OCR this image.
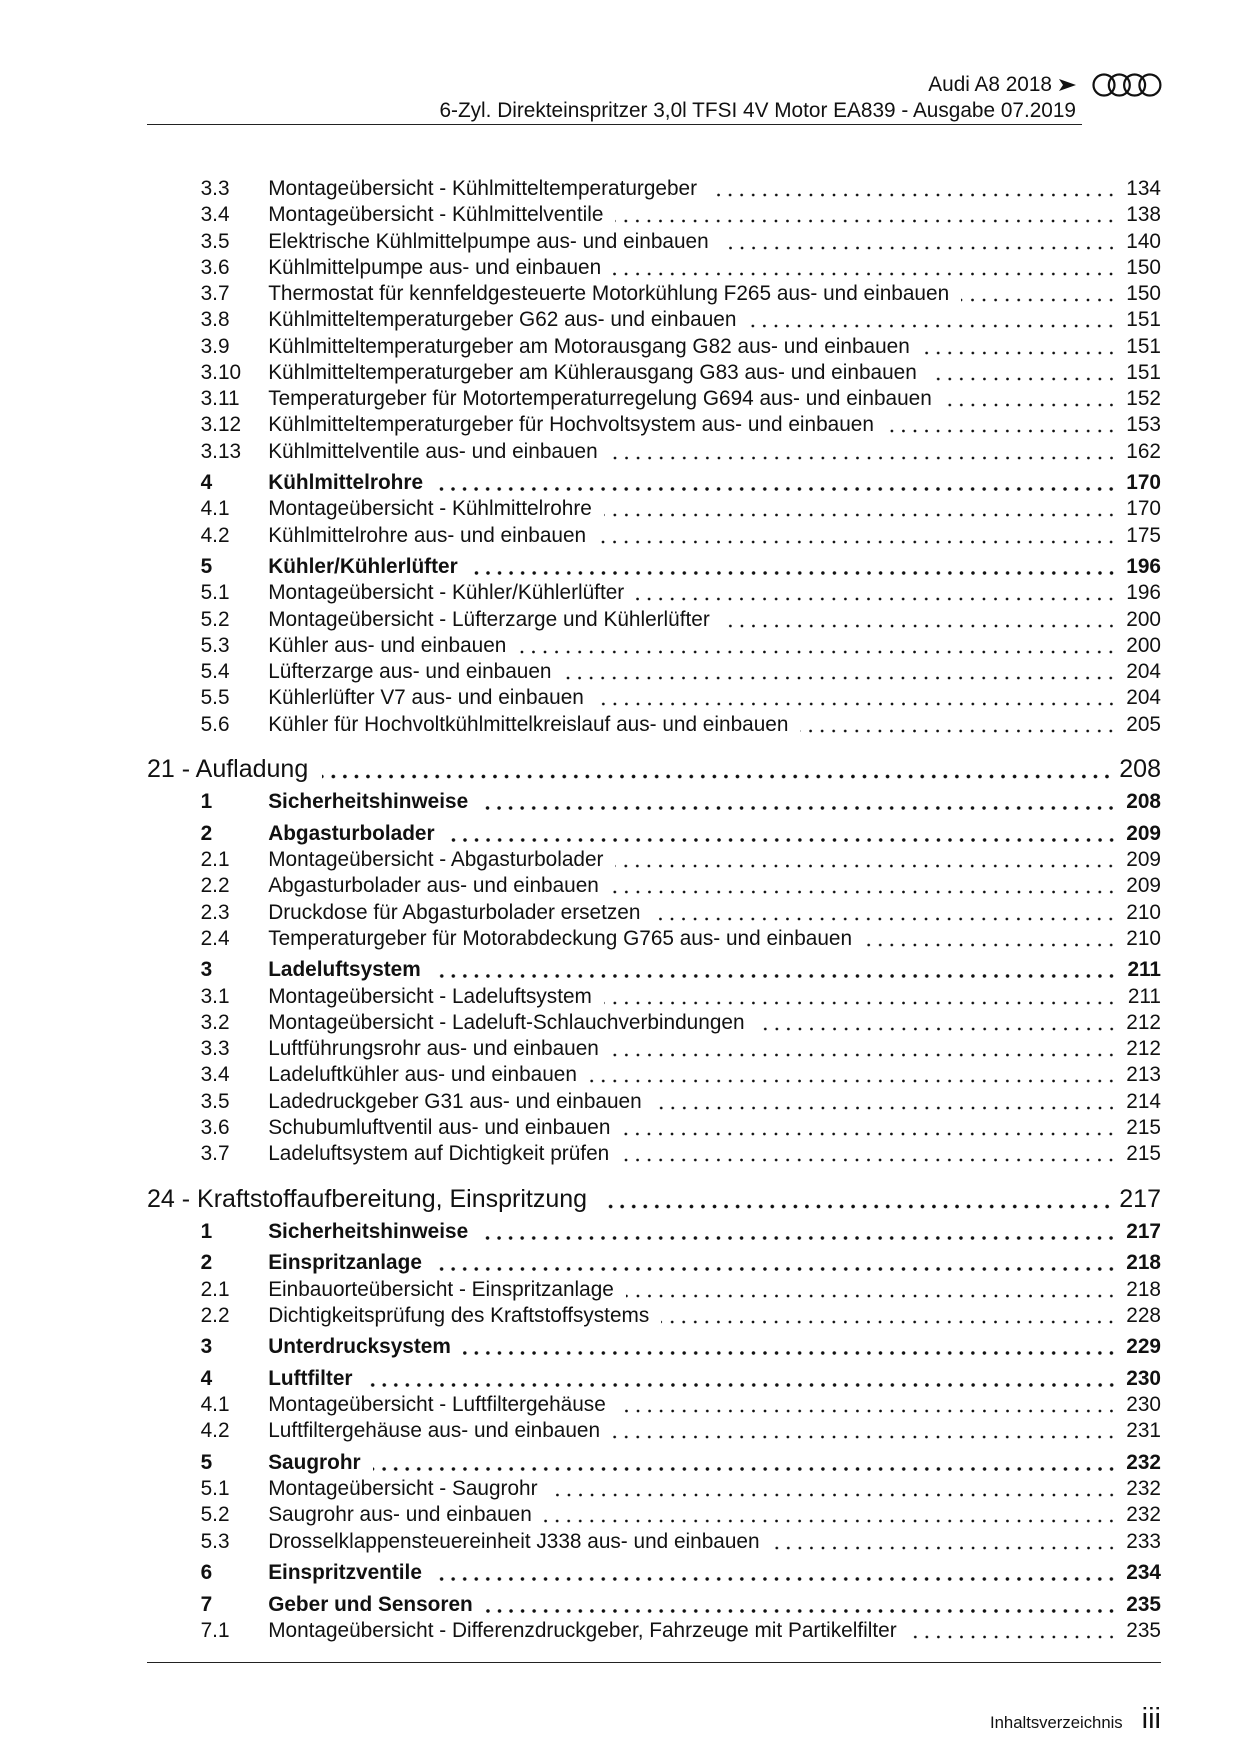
Audi A8 2018
6-Zyl. Direkteinspritzer 3,0l TFSI 4V Motor EA839 - Ausgabe 07.2019
3.3	Montageübersicht - Kühlmitteltemperaturgeber	134
3.4	Montageübersicht - Kühlmittelventile	138
3.5	Elektrische Kühlmittelpumpe aus- und einbauen	140
3.6	Kühlmittelpumpe aus- und einbauen	150
3.7	Thermostat für kennfeldgesteuerte Motorkühlung F265 aus- und einbauen	150
3.8	Kühlmitteltemperaturgeber G62 aus- und einbauen	151
3.9	Kühlmitteltemperaturgeber am Motorausgang G82 aus- und einbauen	151
3.10	Kühlmitteltemperaturgeber am Kühlerausgang G83 aus- und einbauen	151
3.11	Temperaturgeber für Motortemperaturregelung G694 aus- und einbauen	152
3.12	Kühlmitteltemperaturgeber für Hochvoltsystem aus- und einbauen	153
3.13	Kühlmittelventile aus- und einbauen	162
4	Kühlmittelrohre	170
4.1	Montageübersicht - Kühlmittelrohre	170
4.2	Kühlmittelrohre aus- und einbauen	175
5	Kühler/Kühlerlüfter	196
5.1	Montageübersicht - Kühler/Kühlerlüfter	196
5.2	Montageübersicht - Lüfterzarge und Kühlerlüfter	200
5.3	Kühler aus- und einbauen	200
5.4	Lüfterzarge aus- und einbauen	204
5.5	Kühlerlüfter V7 aus- und einbauen	204
5.6	Kühler für Hochvoltkühlmittelkreislauf aus- und einbauen	205
21 - Aufladung	208
1	Sicherheitshinweise	208
2	Abgasturbolader	209
2.1	Montageübersicht - Abgasturbolader	209
2.2	Abgasturbolader aus- und einbauen	209
2.3	Druckdose für Abgasturbolader ersetzen	210
2.4	Temperaturgeber für Motorabdeckung G765 aus- und einbauen	210
3	Ladeluftsystem	211
3.1	Montageübersicht - Ladeluftsystem	211
3.2	Montageübersicht - Ladeluft-Schlauchverbindungen	212
3.3	Luftführungsrohr aus- und einbauen	212
3.4	Ladeluftkühler aus- und einbauen	213
3.5	Ladedruckgeber G31 aus- und einbauen	214
3.6	Schubumluftventil aus- und einbauen	215
3.7	Ladeluftsystem auf Dichtigkeit prüfen	215
24 - Kraftstoffaufbereitung, Einspritzung	217
1	Sicherheitshinweise	217
2	Einspritzanlage	218
2.1	Einbauorteübersicht - Einspritzanlage	218
2.2	Dichtigkeitsprüfung des Kraftstoffsystems	228
3	Unterdrucksystem	229
4	Luftfilter	230
4.1	Montageübersicht - Luftfiltergehäuse	230
4.2	Luftfiltergehäuse aus- und einbauen	231
5	Saugrohr	232
5.1	Montageübersicht - Saugrohr	232
5.2	Saugrohr aus- und einbauen	232
5.3	Drosselklappensteuereinheit J338 aus- und einbauen	233
6	Einspritzventile	234
7	Geber und Sensoren	235
7.1	Montageübersicht - Differenzdruckgeber, Fahrzeuge mit Partikelfilter	235
Inhaltsverzeichnis iii
